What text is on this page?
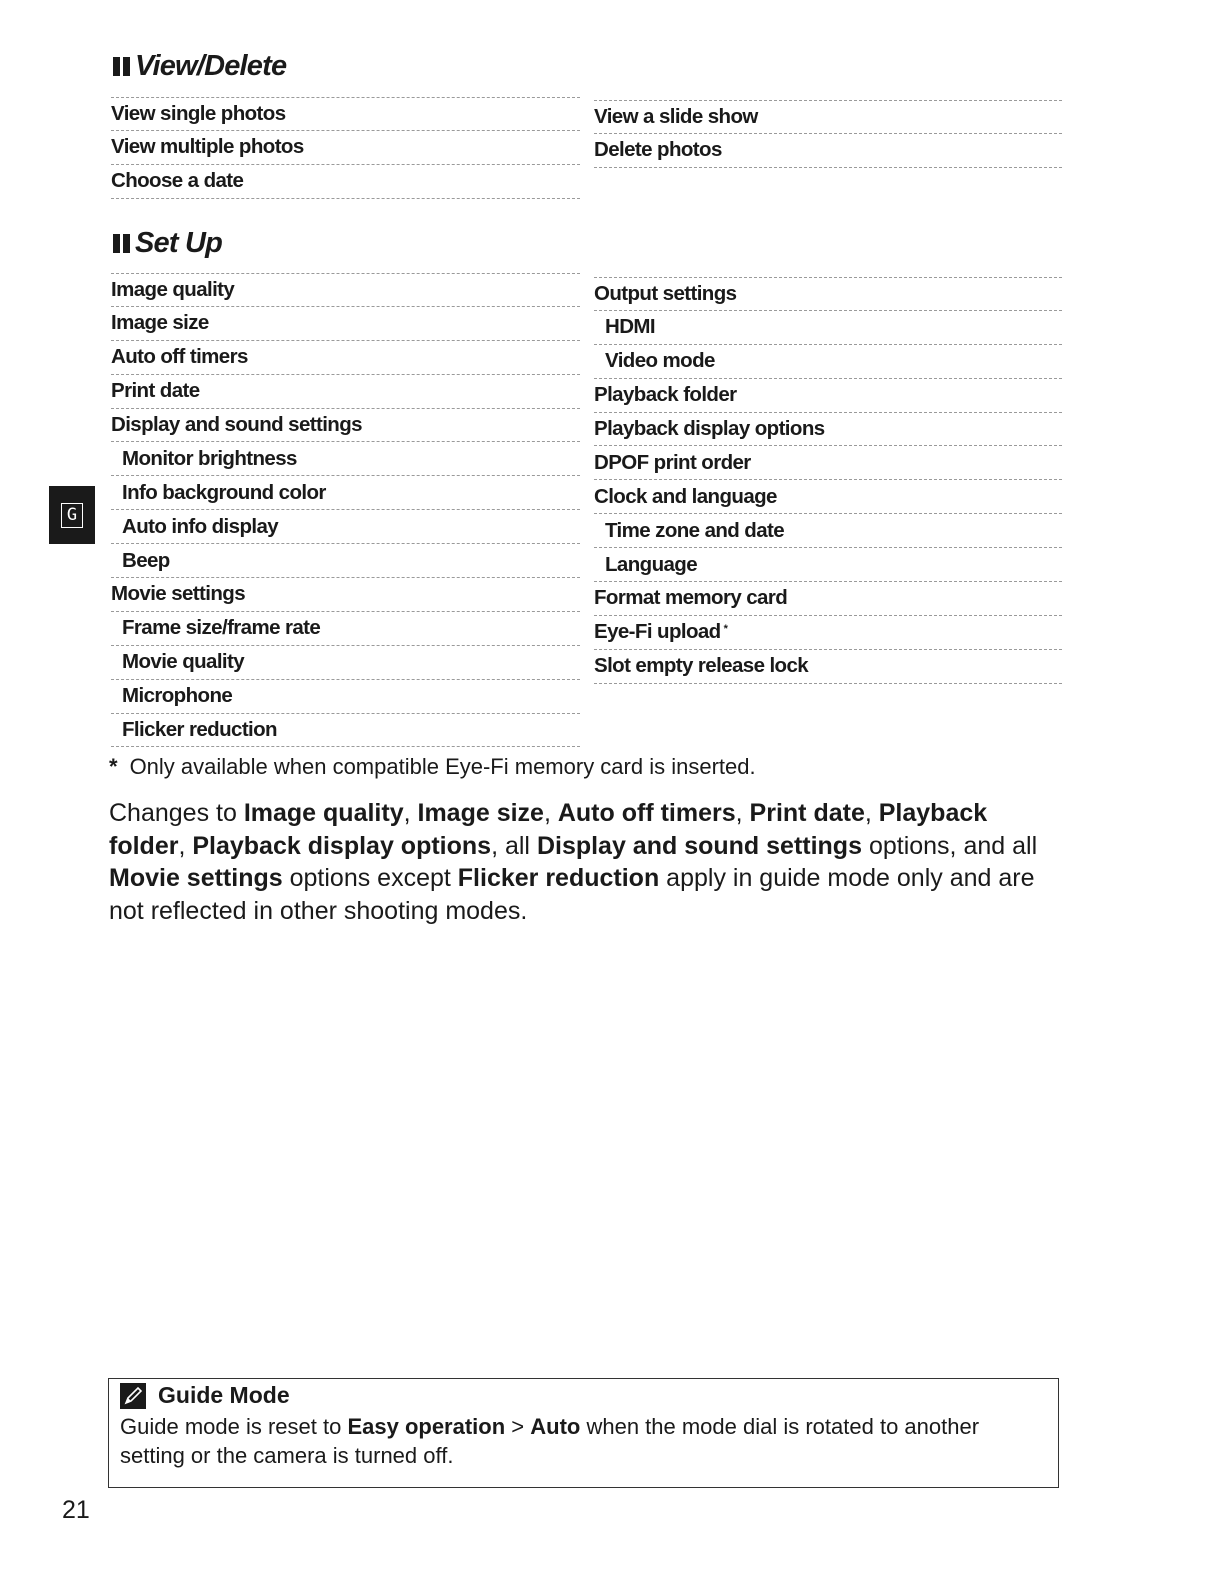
View/Delete
View single photos
View multiple photos
Choose a date
View a slide show
Delete photos
Set Up
Image quality
Image size
Auto off timers
Print date
Display and sound settings
Monitor brightness
Info background color
Auto info display
Beep
Movie settings
Frame size/frame rate
Movie quality
Microphone
Flicker reduction
Output settings
HDMI
Video mode
Playback folder
Playback display options
DPOF print order
Clock and language
Time zone and date
Language
Format memory card
Eye-Fi upload *
Slot empty release lock
G
* Only available when compatible Eye-Fi memory card is inserted.
Changes to Image quality, Image size, Auto off timers, Print date, Playback folder, Playback display options, all Display and sound settings options, and all Movie settings options except Flicker reduction apply in guide mode only and are not reflected in other shooting modes.
Guide Mode
Guide mode is reset to Easy operation > Auto when the mode dial is rotated to another setting or the camera is turned off.
21
